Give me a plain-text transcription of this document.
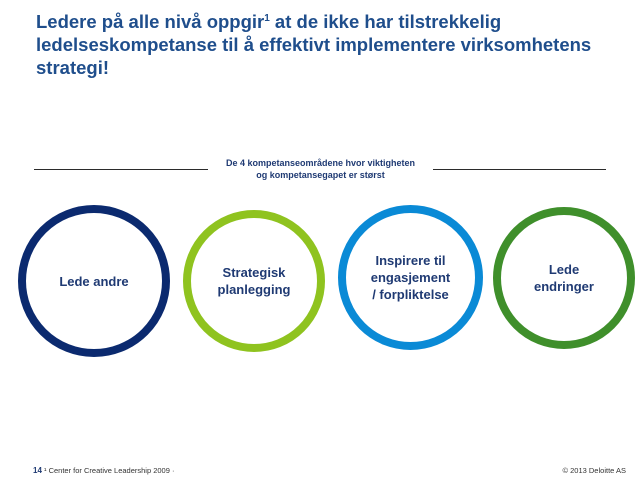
Ledere på alle nivå oppgir$^1$ at de ikke har tilstrekkelig ledelseskompetanse til å effektivt implementere virksomhetens strategi!
De 4 kompetanseområdene hvor viktigheten
og kompetansegapet er størst
Lede andre
Strategisk
planlegging
Inspirere til
engasjement
/ forpliktelse
Lede
endringer
14 ¹ Center for Creative Leadership 2009 ·	© 2013 Deloitte AS
